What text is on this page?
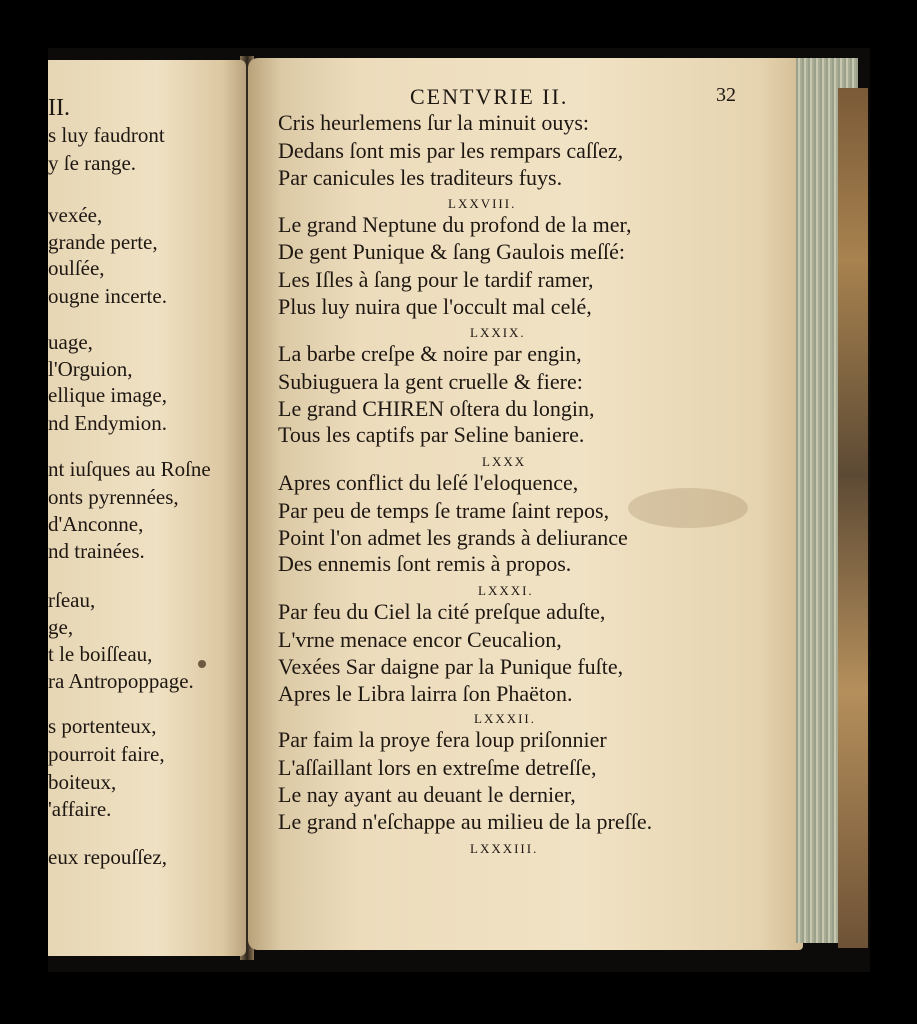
II.
s luy faudront
y ſe range.
vexée,
grande perte,
oulſée,
ougne incerte.
uage,
l'Orguion,
ellique image,
nd Endymion.
nt iuſques au Roſne
onts pyrennées,
d'Anconne,
nd trainées.
rſeau,
ge,
t le boiſſeau,
ra Antropoppage.
s portenteux,
pourroit faire,
boiteux,
'affaire.
eux repouſſez,
CENTVRIE II.	32
Cris heurlemens ſur la minuit ouys:
Dedans ſont mis par les rempars caſſez,
Par canicules les traditeurs fuys.
LXXVIII.
Le grand Neptune du profond de la mer,
De gent Punique & ſang Gaulois meſſé:
Les Iſles à ſang pour le tardif ramer,
Plus luy nuira que l'occult mal celé,
LXXIX.
La barbe creſpe & noire par engin,
Subiuguera la gent cruelle & fiere:
Le grand CHIREN oſtera du longin,
Tous les captifs par Seline baniere.
LXXX
Apres conflict du leſé l'eloquence,
Par peu de temps ſe trame ſaint repos,
Point l'on admet les grands à deliurance
Des ennemis ſont remis à propos.
LXXXI.
Par feu du Ciel la cité preſque aduſte,
L'vrne menace encor Ceucalion,
Vexées Sar daigne par la Punique fuſte,
Apres le Libra lairra ſon Phaëton.
LXXXII.
Par faim la proye fera loup priſonnier
L'aſſaillant lors en extreſme detreſſe,
Le nay ayant au deuant le dernier,
Le grand n'eſchappe au milieu de la preſſe.
LXXXIII.
